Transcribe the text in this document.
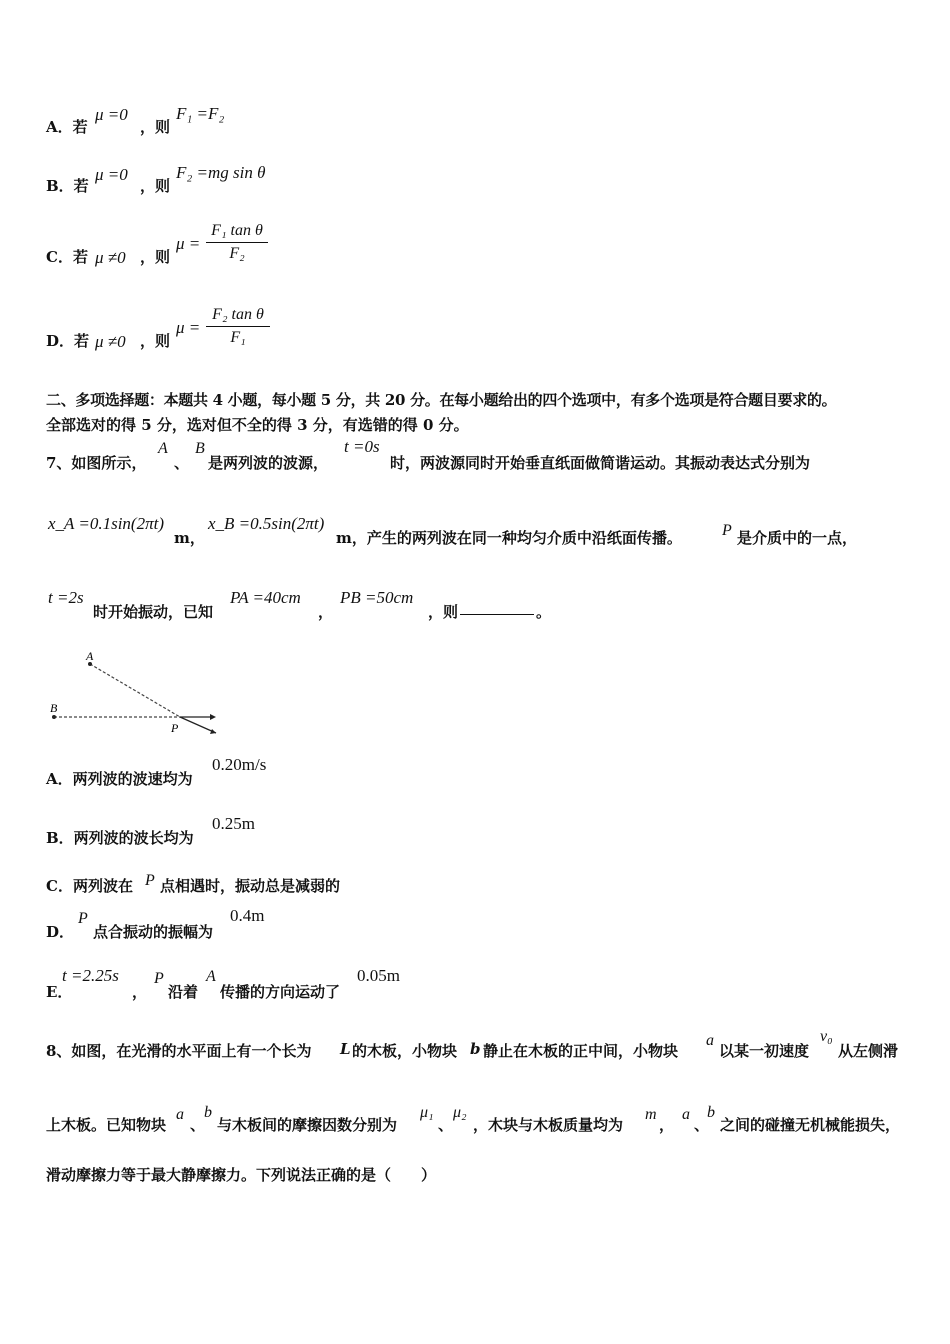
A．若
μ =0
，则
F₁ =F₂
B．若
μ =0
，则
F₂ =mg sin θ
C．若 μ ≠0 ，则
μ =
F₁ tan θ
F₂
D．若 μ ≠0 ，则
μ =
F₂ tan θ
F₁
二、多项选择题：本题共 4 小题，每小题 5 分，共 20 分。在每小题给出的四个选项中，有多个选项是符合题目要求的。
全部选对的得 5 分，选对但不全的得 3 分，有选错的得 0 分。
7、如图所示，
A
、
B
是两列波的波源，
t =0s
时，两波源同时开始垂直纸面做简谐运动。其振动表达式分别为
x_A =0.1sin(2πt)
m，
x_B =0.5sin(2πt)
m，产生的两列波在同一种均匀介质中沿纸面传播。	P 是介质中的一点，
t =2s
时开始振动，已知
PA =40cm
，
PB =50cm
，则	。
A
B
P
A．两列波的波速均为
0.20m/s
B．两列波的波长均为
0.25m
C．两列波在 P 点相遇时，振动总是减弱的
D．
P
点合振动的振幅为
0.4m
E．
t =2.25s
，
P
沿着
A
传播的方向运动了
0.05m
8、如图，在光滑的水平面上有一个长为 L 的木板，小物块 b 静止在木板的正中间，小物块
a
以某一初速度
v₀
从左侧滑
上木板。已知物块
a
、
b
与木板间的摩擦因数分别为
μ₁
、
μ₂
，木块与木板质量均为
m
，
a
、
b
之间的碰撞无机械能损失，
滑动摩擦力等于最大静摩擦力。下列说法正确的是（　　）
